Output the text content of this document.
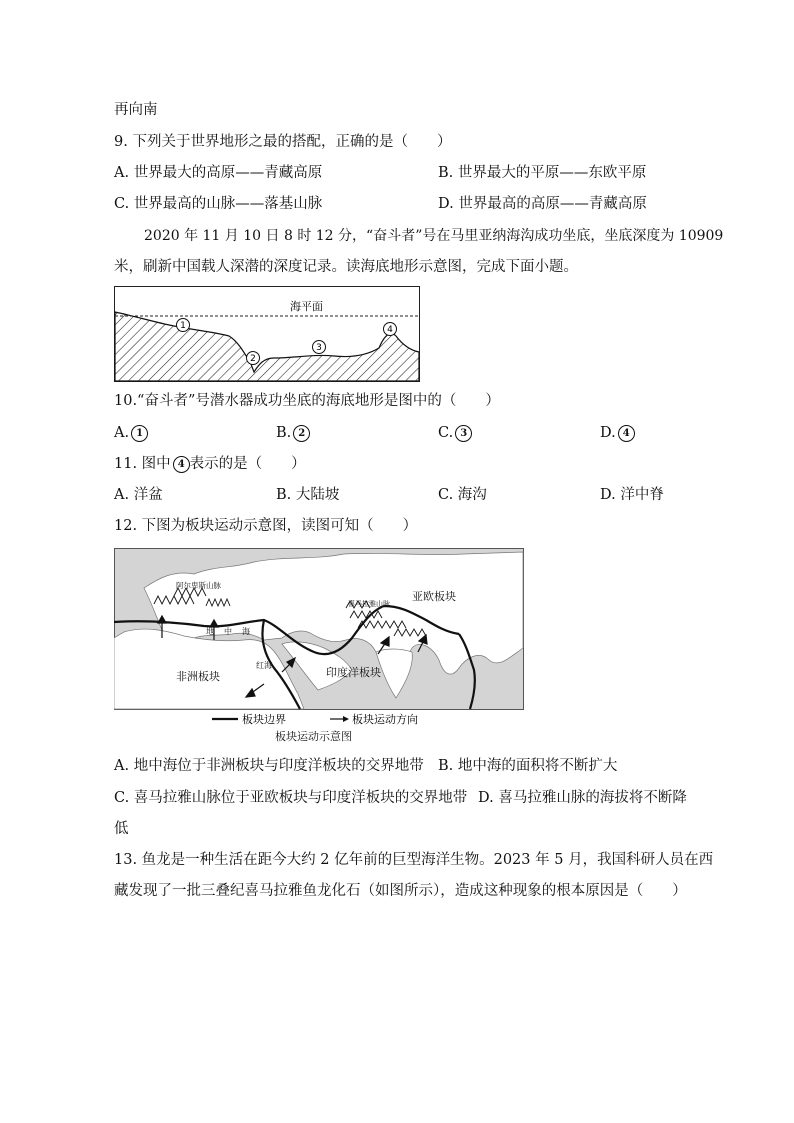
再向南
9. 下列关于世界地形之最的搭配，正确的是（　　）
A. 世界最大的高原——青藏高原	B. 世界最大的平原——东欧平原
C. 世界最高的山脉——落基山脉	D. 世界最高的高原——青藏高原
2020 年 11 月 10 日 8 时 12 分，“奋斗者”号在马里亚纳海沟成功坐底，坐底深度为 10909
米，刷新中国载人深潜的深度记录。读海底地形示意图，完成下面小题。
海平面
1
2
3
4
10.“奋斗者”号潜水器成功坐底的海底地形是图中的（　　）
A. 1	B. 2	C. 3	D. 4
11. 图中 4 表示的是（　　）
A. 洋盆	B. 大陆坡	C. 海沟	D. 洋中脊
12. 下图为板块运动示意图，读图可知（　　）
阿尔卑斯山脉
亚欧板块
非洲板块	印度洋板块
红海
地中海
喜马拉雅山脉
板块边界	板块运动方向
板块运动示意图
A. 地中海位于非洲板块与印度洋板块的交界地带 B. 地中海的面积将不断扩大
C. 喜马拉雅山脉位于亚欧板块与印度洋板块的交界地带 D. 喜马拉雅山脉的海拔将不断降
低
13. 鱼龙是一种生活在距今大约 2 亿年前的巨型海洋生物。2023 年 5 月，我国科研人员在西
藏发现了一批三叠纪喜马拉雅鱼龙化石（如图所示），造成这种现象的根本原因是（　　）
